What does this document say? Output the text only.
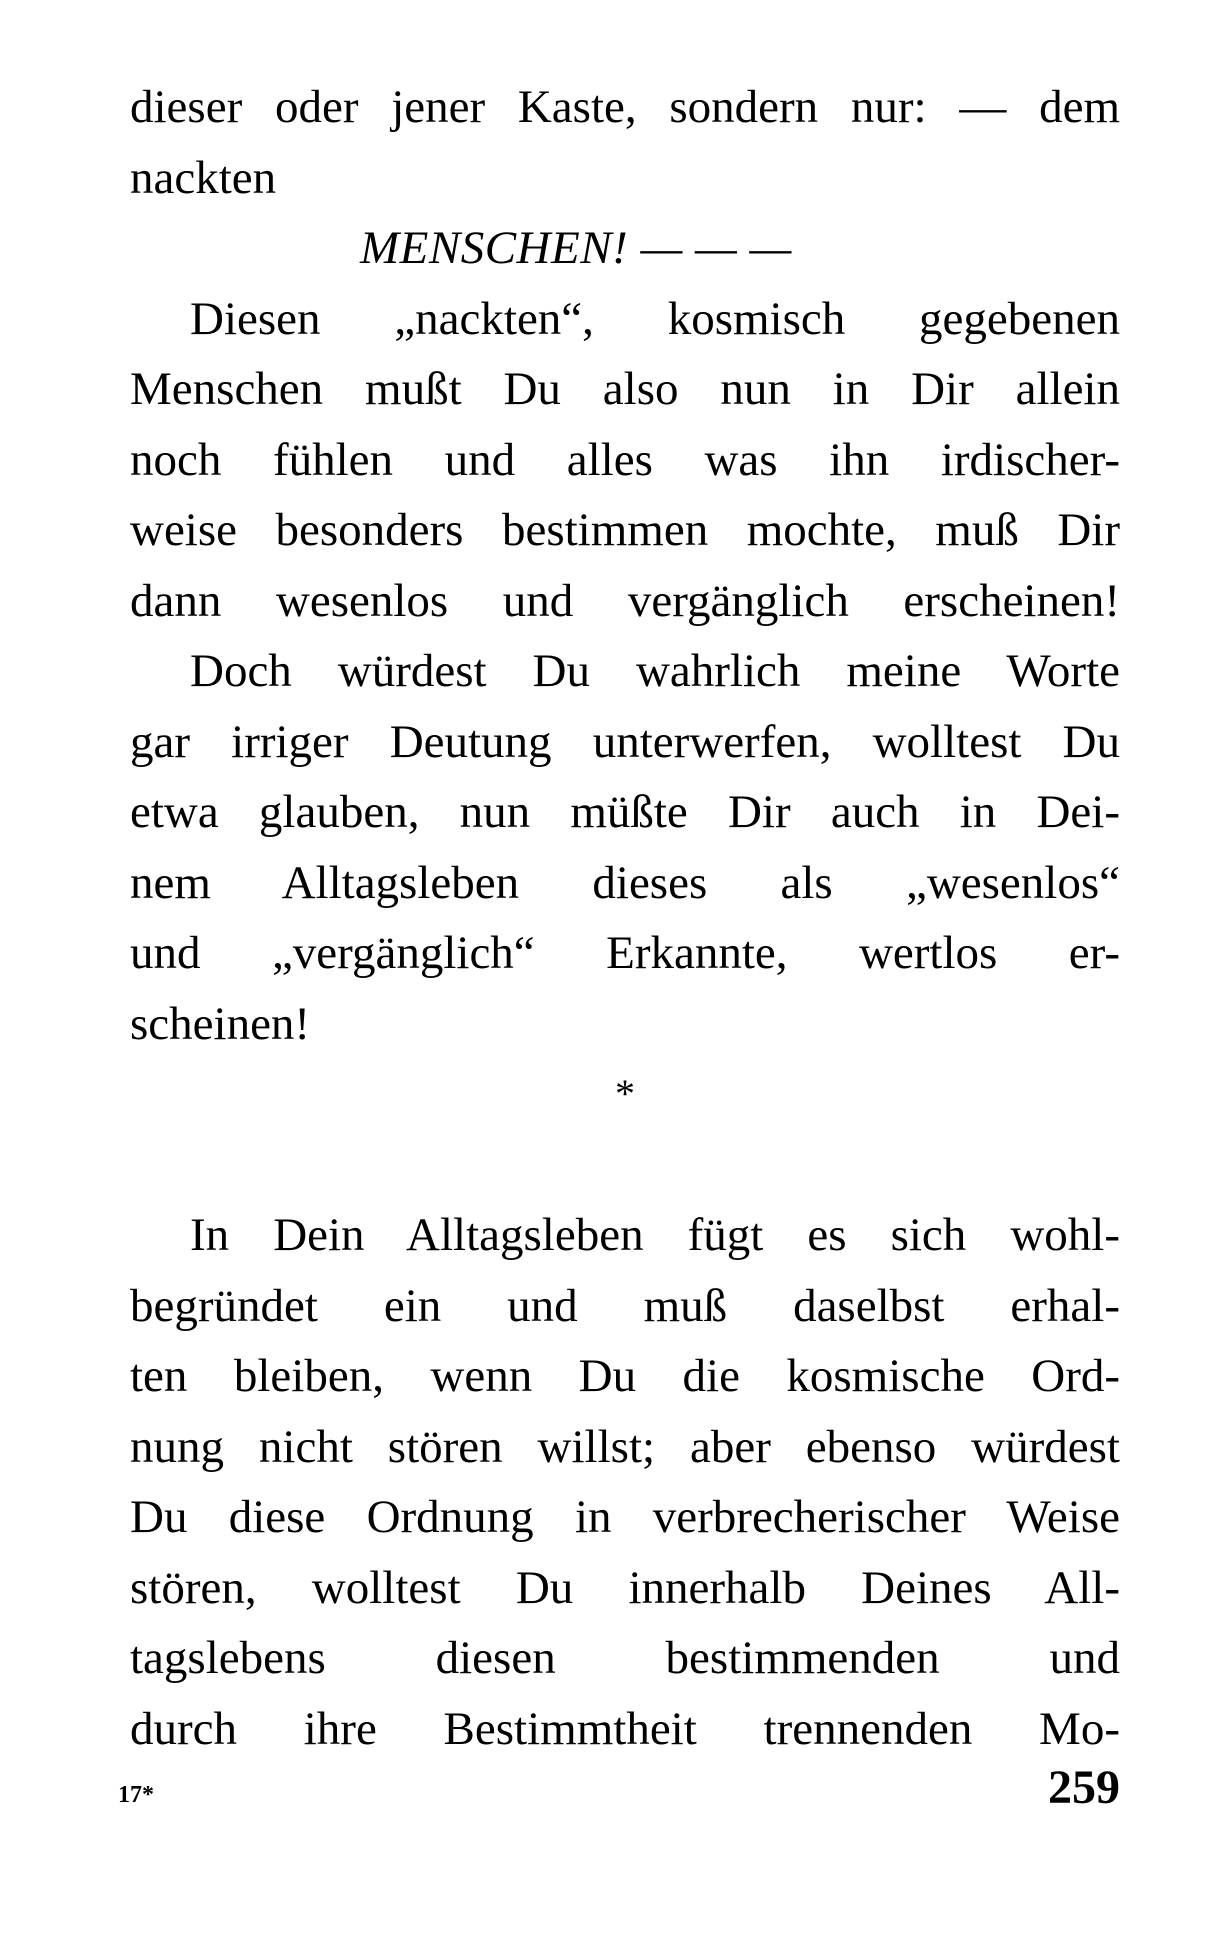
dieser oder jener Kaste, sondern nur: — dem
nackten
MENSCHEN! — — —
Diesen „nackten“, kosmisch gegebenen
Menschen mußt Du also nun in Dir allein
noch fühlen und alles was ihn irdischer-
weise besonders bestimmen mochte, muß Dir
dann wesenlos und vergänglich erscheinen!
Doch würdest Du wahrlich meine Worte
gar irriger Deutung unterwerfen, wolltest Du
etwa glauben, nun müßte Dir auch in Dei-
nem Alltagsleben dieses als „wesenlos“
und „vergänglich“ Erkannte, wertlos er-
scheinen!
*
In Dein Alltagsleben fügt es sich wohl-
begründet ein und muß daselbst erhal-
ten bleiben, wenn Du die kosmische Ord-
nung nicht stören willst; aber ebenso würdest
Du diese Ordnung in verbrecherischer Weise
stören, wolltest Du innerhalb Deines All-
tagslebens diesen bestimmenden und
durch ihre Bestimmtheit trennenden Mo-
17*	259
